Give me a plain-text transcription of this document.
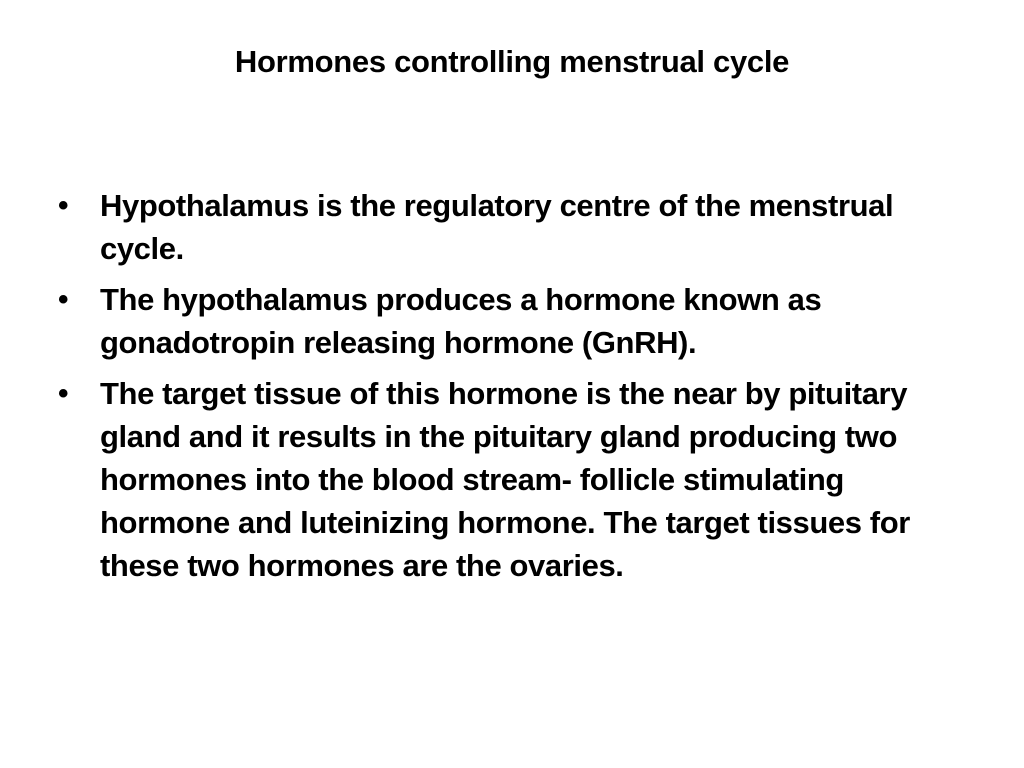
Hormones controlling menstrual cycle
• Hypothalamus is the regulatory centre of the menstrual cycle.
• The hypothalamus produces a hormone known as gonadotropin releasing hormone (GnRH).
• The target tissue of this hormone is the near by pituitary gland and it results in the pituitary gland producing two hormones into the blood stream- follicle stimulating hormone and luteinizing hormone. The target tissues for these two hormones are the ovaries.
